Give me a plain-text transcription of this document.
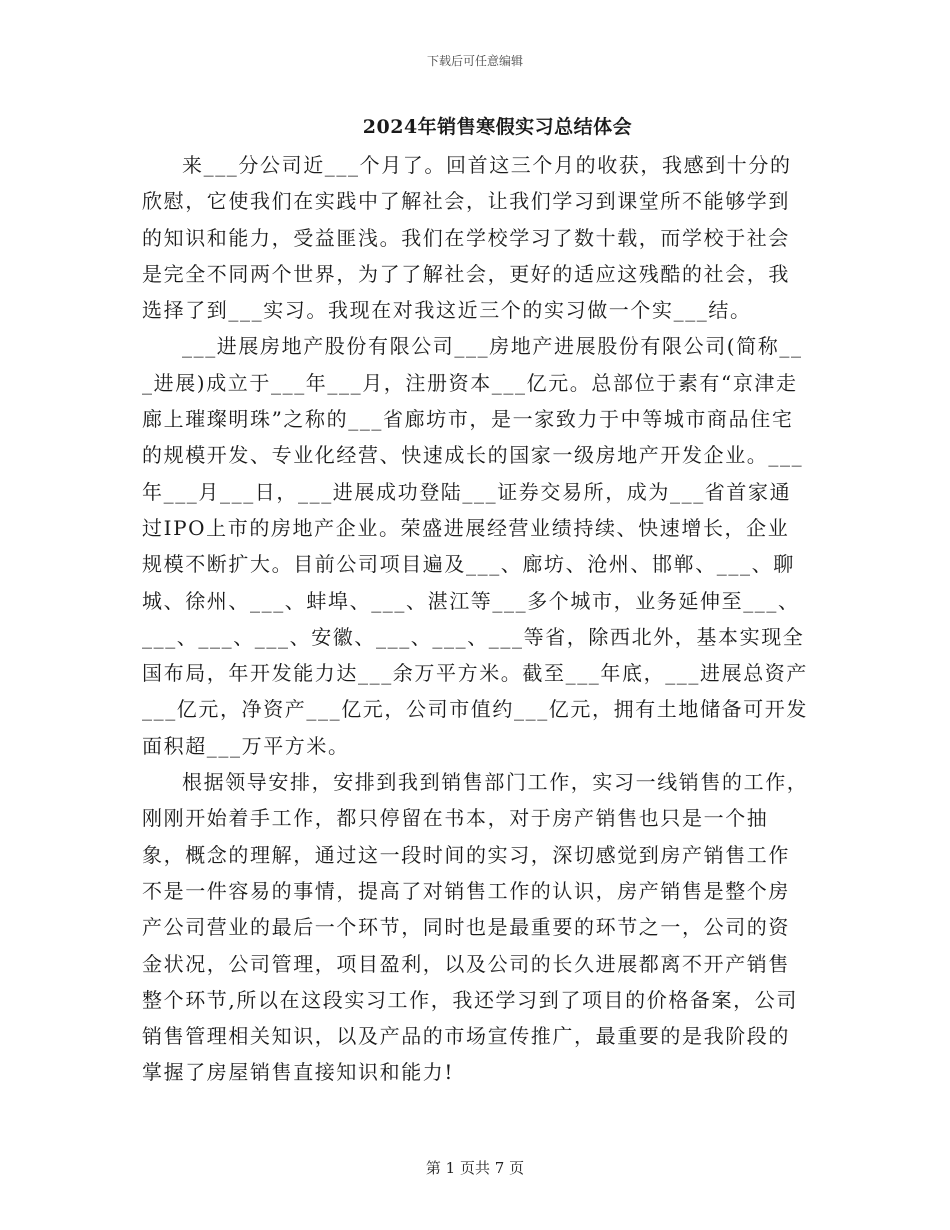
下载后可任意编辑
2024年销售寒假实习总结体会

来___分公司近___个月了。回首这三个月的收获，我感到十分的欣慰，它使我们在实践中了解社会，让我们学习到课堂所不能够学到的知识和能力，受益匪浅。我们在学校学习了数十载，而学校于社会是完全不同两个世界，为了了解社会，更好的适应这残酷的社会，我选择了到___实习。我现在对我这近三个的实习做一个实___结。

___进展房地产股份有限公司___房地产进展股份有限公司(简称___进展)成立于___年___月，注册资本___亿元。总部位于素有“京津走廊上璀璨明珠”之称的___省廊坊市，是一家致力于中等城市商品住宅的规模开发、专业化经营、快速成长的国家一级房地产开发企业。___年___月___日，___进展成功登陆___证券交易所，成为___省首家通过IPO上市的房地产企业。荣盛进展经营业绩持续、快速增长，企业规模不断扩大。目前公司项目遍及___、廊坊、沧州、邯郸、___、聊城、徐州、___、蚌埠、___、湛江等___多个城市，业务延伸至___、___、___、___、安徽、___、___、___等省，除西北外，基本实现全国布局，年开发能力达___余万平方米。截至___年底，___进展总资产___亿元，净资产___亿元，公司市值约___亿元，拥有土地储备可开发面积超___万平方米。

根据领导安排，安排到我到销售部门工作，实习一线销售的工作，刚刚开始着手工作，都只停留在书本，对于房产销售也只是一个抽象，概念的理解，通过这一段时间的实习，深切感觉到房产销售工作不是一件容易的事情，提高了对销售工作的认识，房产销售是整个房产公司营业的最后一个环节，同时也是最重要的环节之一，公司的资金状况，公司管理，项目盈利，以及公司的长久进展都离不开产销售整个环节,所以在这段实习工作，我还学习到了项目的价格备案，公司销售管理相关知识，以及产品的市场宣传推广，最重要的是我阶段的掌握了房屋销售直接知识和能力!

第 1 页共 7 页
